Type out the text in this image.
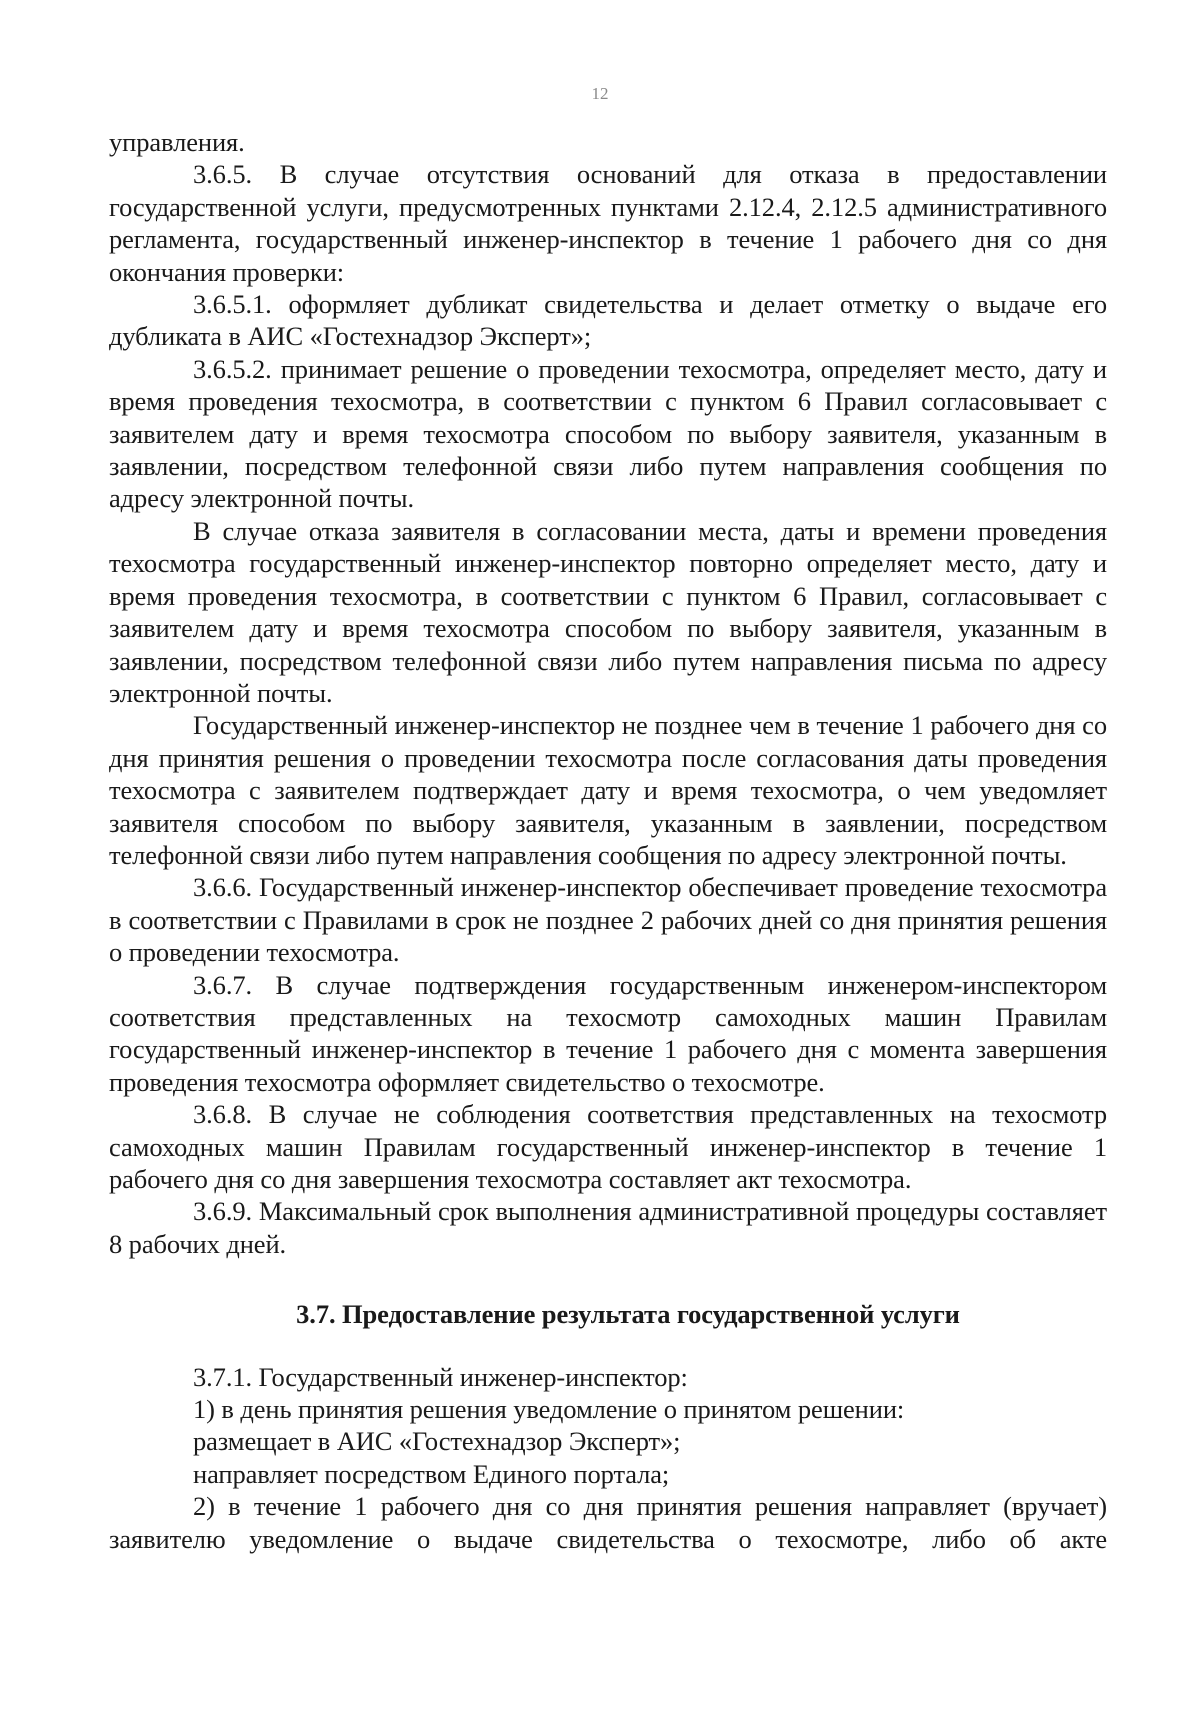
12

управления.

3.6.5. В случае отсутствия оснований для отказа в предоставлении государственной услуги, предусмотренных пунктами 2.12.4, 2.12.5 административного регламента, государственный инженер-инспектор в течение 1 рабочего дня со дня окончания проверки:

3.6.5.1. оформляет дубликат свидетельства и делает отметку о выдаче его дубликата в АИС «Гостехнадзор Эксперт»;

3.6.5.2. принимает решение о проведении техосмотра, определяет место, дату и время проведения техосмотра, в соответствии с пунктом 6 Правил согласовывает с заявителем дату и время техосмотра способом по выбору заявителя, указанным в заявлении, посредством телефонной связи либо путем направления сообщения по адресу электронной почты.

В случае отказа заявителя в согласовании места, даты и времени проведения техосмотра государственный инженер-инспектор повторно определяет место, дату и время проведения техосмотра, в соответствии с пунктом 6 Правил, согласовывает с заявителем дату и время техосмотра способом по выбору заявителя, указанным в заявлении, посредством телефонной связи либо путем направления письма по адресу электронной почты.

Государственный инженер-инспектор не позднее чем в течение 1 рабочего дня со дня принятия решения о проведении техосмотра после согласования даты проведения техосмотра с заявителем подтверждает дату и время техосмотра, о чем уведомляет заявителя способом по выбору заявителя, указанным в заявлении, посредством телефонной связи либо путем направления сообщения по адресу электронной почты.

3.6.6. Государственный инженер-инспектор обеспечивает проведение техосмотра в соответствии с Правилами в срок не позднее 2 рабочих дней со дня принятия решения о проведении техосмотра.

3.6.7. В случае подтверждения государственным инженером-инспектором соответствия представленных на техосмотр самоходных машин Правилам государственный инженер-инспектор в течение 1 рабочего дня с момента завершения проведения техосмотра оформляет свидетельство о техосмотре.

3.6.8. В случае не соблюдения соответствия представленных на техосмотр самоходных машин Правилам государственный инженер-инспектор в течение 1 рабочего дня со дня завершения техосмотра составляет акт техосмотра.

3.6.9. Максимальный срок выполнения административной процедуры составляет 8 рабочих дней.

3.7. Предоставление результата государственной услуги

3.7.1. Государственный инженер-инспектор:

1) в день принятия решения уведомление о принятом решении:

размещает в АИС «Гостехнадзор Эксперт»;

направляет посредством Единого портала;

2) в течение 1 рабочего дня со дня принятия решения направляет (вручает) заявителю уведомление о выдаче свидетельства о техосмотре, либо об акте
